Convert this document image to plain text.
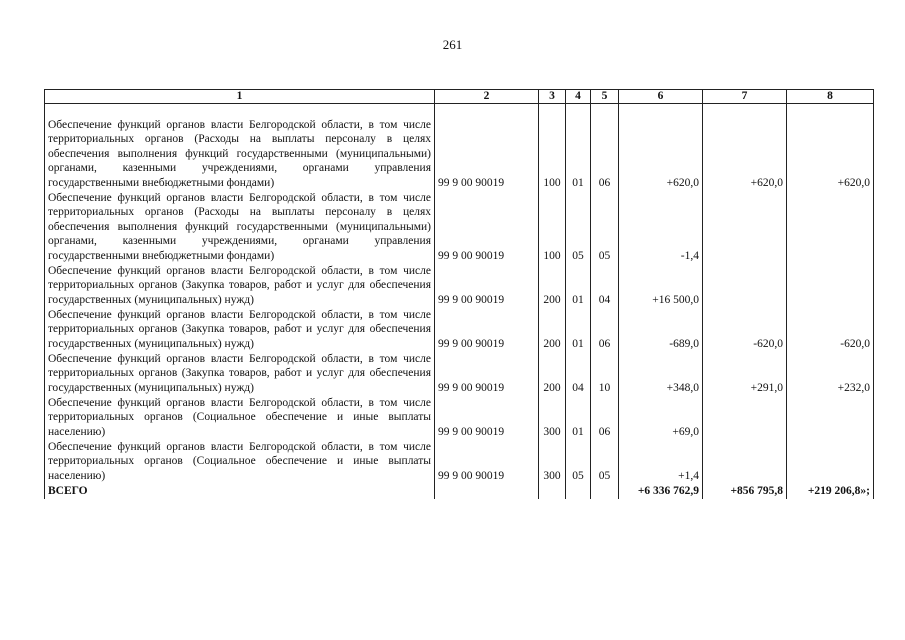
261
1	2	3	4	5	6	7	8
Обеспечение функций органов власти Белгородской области, в том числе территориальных органов (Расходы на выплаты персоналу в целях обеспечения выполнения функций государственными (муниципальными) органами, казенными учреждениями, органами управления государственными внебюджетными фондами)	99 9 00 90019	100	01	06	+620,0	+620,0	+620,0
Обеспечение функций органов власти Белгородской области, в том числе территориальных органов (Расходы на выплаты персоналу в целях обеспечения выполнения функций государственными (муниципальными) органами, казенными учреждениями, органами управления государственными внебюджетными фондами)	99 9 00 90019	100	05	05	-1,4		
Обеспечение функций органов власти Белгородской области, в том числе территориальных органов (Закупка товаров, работ и услуг для обеспечения государственных (муниципальных) нужд)	99 9 00 90019	200	01	04	+16 500,0		
Обеспечение функций органов власти Белгородской области, в том числе территориальных органов (Закупка товаров, работ и услуг для обеспечения государственных (муниципальных) нужд)	99 9 00 90019	200	01	06	-689,0	-620,0	-620,0
Обеспечение функций органов власти Белгородской области, в том числе территориальных органов (Закупка товаров, работ и услуг для обеспечения государственных (муниципальных) нужд)	99 9 00 90019	200	04	10	+348,0	+291,0	+232,0
Обеспечение функций органов власти Белгородской области, в том числе территориальных органов (Социальное обеспечение и иные выплаты населению)	99 9 00 90019	300	01	06	+69,0		
Обеспечение функций органов власти Белгородской области, в том числе территориальных органов (Социальное обеспечение и иные выплаты населению)	99 9 00 90019	300	05	05	+1,4		
ВСЕГО					+6 336 762,9	+856 795,8	+219 206,8»;
